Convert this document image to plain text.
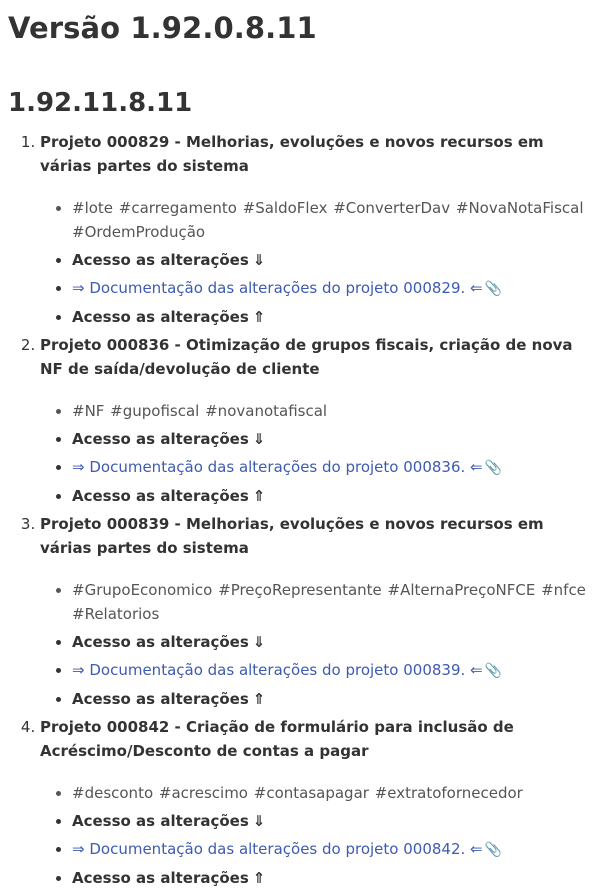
Versão 1.92.0.8.11
1.92.11.8.11
1. Projeto 000829 - Melhorias, evoluções e novos recursos em várias partes do sistema
• #lote #carregamento #SaldoFlex #ConverterDav #NovaNotaFiscal #OrdemProdução
• Acesso as alterações ⇓
• ⇒ Documentação das alterações do projeto 000829. ⇐ 📎
• Acesso as alterações ⇑
2. Projeto 000836 - Otimização de grupos fiscais, criação de nova NF de saída/devolução de cliente
• #NF #gupofiscal #novanotafiscal
• Acesso as alterações ⇓
• ⇒ Documentação das alterações do projeto 000836. ⇐ 📎
• Acesso as alterações ⇑
3. Projeto 000839 - Melhorias, evoluções e novos recursos em várias partes do sistema
• #GrupoEconomico #PreçoRepresentante #AlternaPreçoNFCE #nfce #Relatorios
• Acesso as alterações ⇓
• ⇒ Documentação das alterações do projeto 000839. ⇐ 📎
• Acesso as alterações ⇑
4. Projeto 000842 - Criação de formulário para inclusão de Acréscimo/Desconto de contas a pagar
• #desconto #acrescimo #contasapagar #extratofornecedor
• Acesso as alterações ⇓
• ⇒ Documentação das alterações do projeto 000842. ⇐ 📎
• Acesso as alterações ⇑
